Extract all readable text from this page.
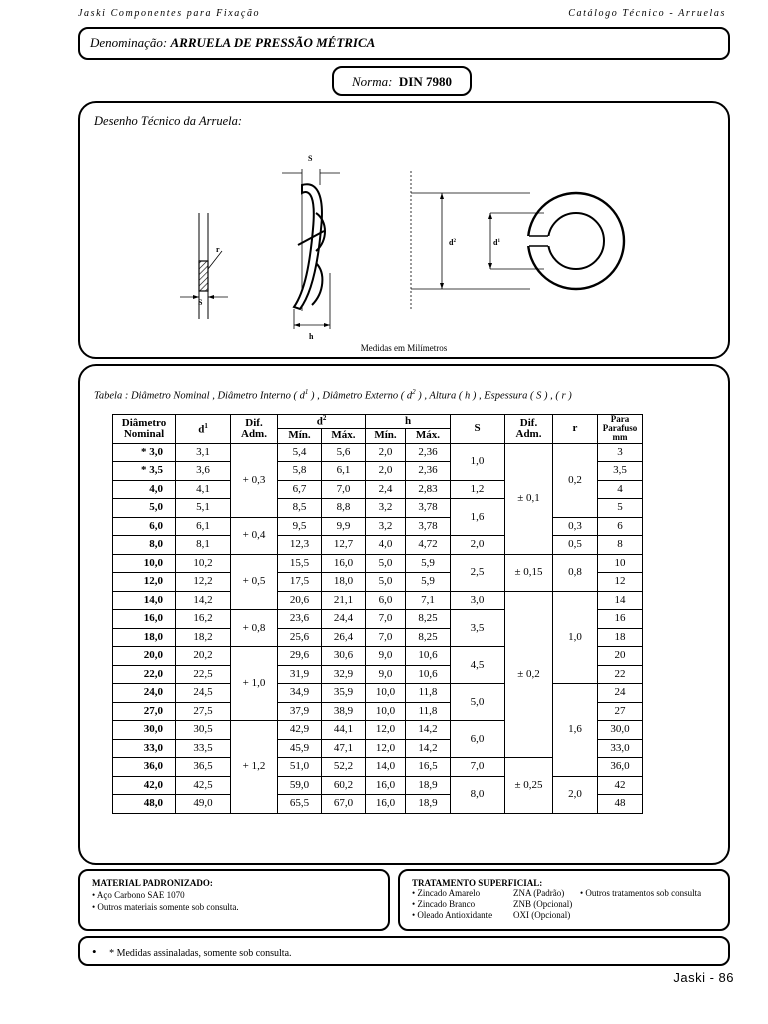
Jaski Componentes para Fixação	Catálogo Técnico - Arruelas
Denominação: ARRUELA DE PRESSÃO MÉTRICA
Norma: DIN 7980
Desenho Técnico da Arruela:
r
S
S
h
$d^2$	$d^1$
Medidas em Milímetros
Tabela : Diâmetro Nominal , Diâmetro Interno ( $d^1$ ) , Diâmetro Externo ( $d^2$ ) , Altura ( h ) , Espessura ( S ) , ( r )
Diâmetro Nominal	$d^1$	Dif. Adm.	$d^2$		h		S	Dif. Adm.	r	Para Parafuso mm
			Mín.	Máx.	Mín.	Máx.				
* 3,0	3,1	+ 0,3	5,4	5,6	2,0	2,36	1,0	± 0,1	0,2	3
* 3,5	3,6		5,8	6,1	2,0	2,36				3,5
4,0	4,1		6,7	7,0	2,4	2,83	1,2			4
5,0	5,1		8,5	8,8	3,2	3,78	1,6			5
6,0	6,1	+ 0,4	9,5	9,9	3,2	3,78			0,3	6
8,0	8,1		12,3	12,7	4,0	4,72	2,0		0,5	8
10,0	10,2	+ 0,5	15,5	16,0	5,0	5,9	2,5	± 0,15	0,8	10
12,0	12,2		17,5	18,0	5,0	5,9				12
14,0	14,2		20,6	21,1	6,0	7,1	3,0	± 0,2	1,0	14
16,0	16,2	+ 0,8	23,6	24,4	7,0	8,25	3,5			16
18,0	18,2		25,6	26,4	7,0	8,25				18
20,0	20,2	+ 1,0	29,6	30,6	9,0	10,6	4,5			20
22,0	22,5		31,9	32,9	9,0	10,6				22
24,0	24,5		34,9	35,9	10,0	11,8	5,0		1,6	24
27,0	27,5		37,9	38,9	10,0	11,8				27
30,0	30,5	+ 1,2	42,9	44,1	12,0	14,2	6,0			30,0
33,0	33,5		45,9	47,1	12,0	14,2				33,0
36,0	36,5		51,0	52,2	14,0	16,5	7,0	± 0,25		36,0
42,0	42,5		59,0	60,2	16,0	18,9	8,0		2,0	42
48,0	49,0		65,5	67,0	16,0	18,9				48
MATERIAL PADRONIZADO:
• Aço Carbono SAE 1070
• Outros materiais somente sob consulta.
TRATAMENTO SUPERFICIAL:
• Zincado Amarelo	ZNA (Padrão) • Outros tratamentos sob consulta
• Zincado Branco	ZNB (Opcional)
• Oleado Antioxidante OXI (Opcional)
• * Medidas assinaladas, somente sob consulta.
Jaski - 86
